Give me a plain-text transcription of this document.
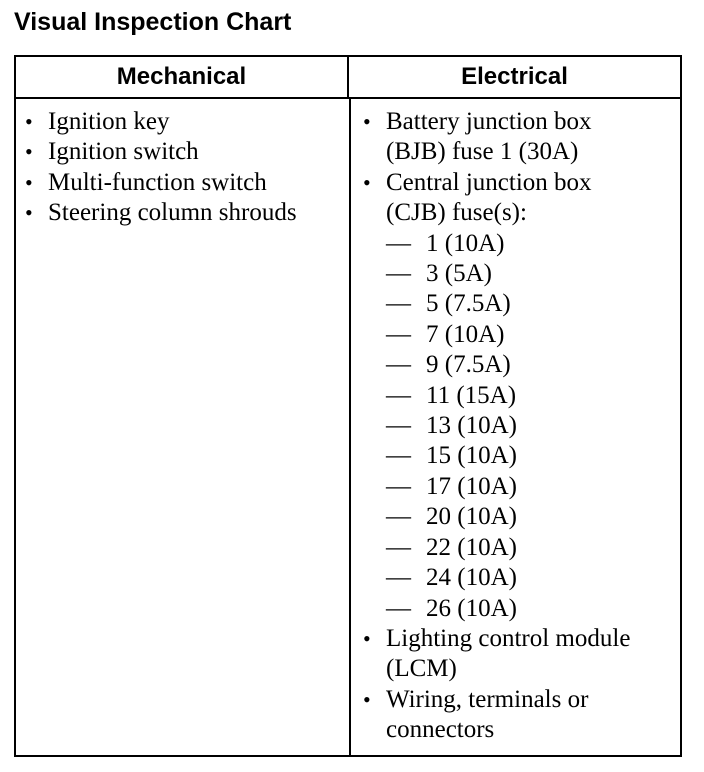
Visual Inspection Chart
Mechanical	Electrical
• Ignition key
• Ignition switch
• Multi-function switch
• Steering column shrouds
• Battery junction box
(BJB) fuse 1 (30A)
• Central junction box
(CJB) fuse(s):
— 1 (10A)
— 3 (5A)
— 5 (7.5A)
— 7 (10A)
— 9 (7.5A)
— 11 (15A)
— 13 (10A)
— 15 (10A)
— 17 (10A)
— 20 (10A)
— 22 (10A)
— 24 (10A)
— 26 (10A)
• Lighting control module
(LCM)
• Wiring, terminals or
connectors
